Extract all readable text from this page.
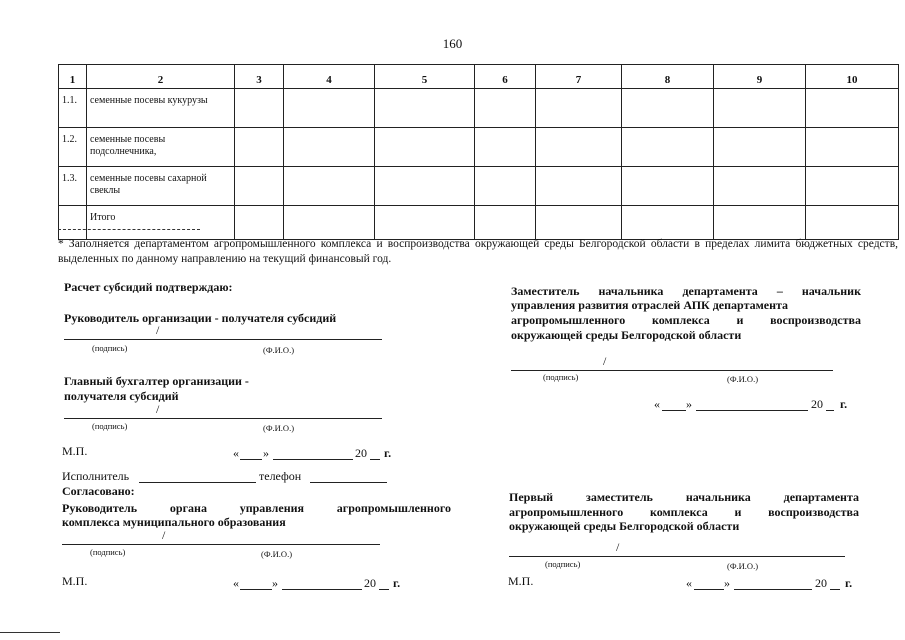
160
1	2	3	4	5	6	7	8	9	10
1.1.	семенные посевы кукурузы								
1.2.	семенные посевы подсолнечника,								
1.3.	семенные посевы сахарной свеклы								
	Итого								
* Заполняется департаментом агропромышленного комплекса и воспроизводства окружающей среды Белгородской области в пределах лимита бюджетных средств, выделенных по данному направлению на текущий финансовый год.
Расчет субсидий подтверждаю:
Руководитель организации - получателя субсидий
/
(подпись)	(Ф.И.О.)
Главный бухгалтер организации -
получателя субсидий
/
(подпись)	(Ф.И.О.)
М.П.	« »	20 г.
Исполнитель	телефон
Согласовано:
Руководитель органа управления агропромышленного
комплекса муниципального образования
/
(подпись)	(Ф.И.О.)
М.П.	«	»	20 г.
Заместитель начальника департамента – начальник
управления развития отраслей АПК департамента
агропромышленного комплекса и воспроизводства
окружающей среды Белгородской области
/
(подпись)	(Ф.И.О.)
« »	20 г.
Первый заместитель начальника департамента
агропромышленного комплекса и воспроизводства
окружающей среды Белгородской области
/
(подпись)	(Ф.И.О.)
М.П.	«	»	20 г.
